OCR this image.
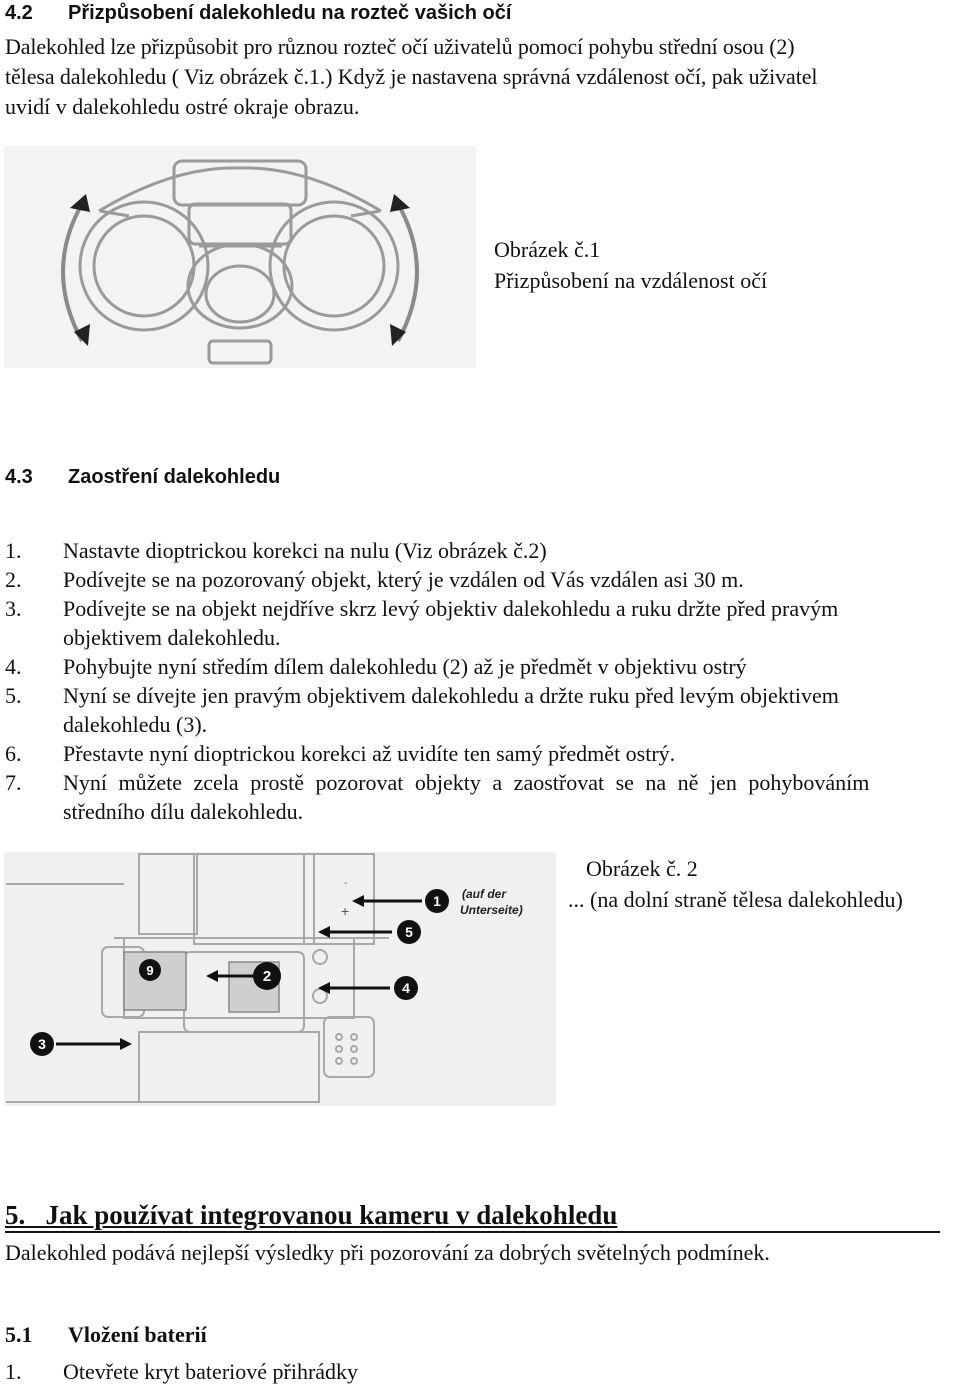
4.2 Přizpůsobení dalekohledu na rozteč vašich očí
Dalekohled lze přizpůsobit pro různou rozteč očí uživatelů pomocí pohybu střední osou (2)
tělesa dalekohledu ( Viz obrázek č.1.) Když je nastavena správná vzdálenost očí, pak uživatel
uvidí v dalekohledu ostré okraje obrazu.
Obrázek č.1
Přizpůsobení na vzdálenost očí
4.3 Zaostření dalekohledu
1. Nastavte dioptrickou korekci na nulu (Viz obrázek č.2)
2. Podívejte se na pozorovaný objekt, který je vzdálen od Vás vzdálen asi 30 m.
3. Podívejte se na objekt nejdříve skrz levý objektiv dalekohledu a ruku držte před pravým
objektivem dalekohledu.
4. Pohybujte nyní středím dílem dalekohledu (2) až je předmět v objektivu ostrý
5. Nyní se dívejte jen pravým objektivem dalekohledu a držte ruku před levým objektivem
dalekohledu (3).
6. Přestavte nyní dioptrickou korekci až uvidíte ten samý předmět ostrý.
7. Nyní můžete zcela prostě pozorovat objekty a zaostřovat se na ně jen pohybováním
středního dílu dalekohledu.
-
+
1
5
2
9
4
3
(auf der
Unterseite)
Obrázek č. 2
... (na dolní straně tělesa dalekohledu)
5.   Jak používat integrovanou kameru v dalekohledu
Dalekohled podává nejlepší výsledky při pozorování za dobrých světelných podmínek.
5.1 Vložení baterií
1. Otevřete kryt bateriové přihrádky
